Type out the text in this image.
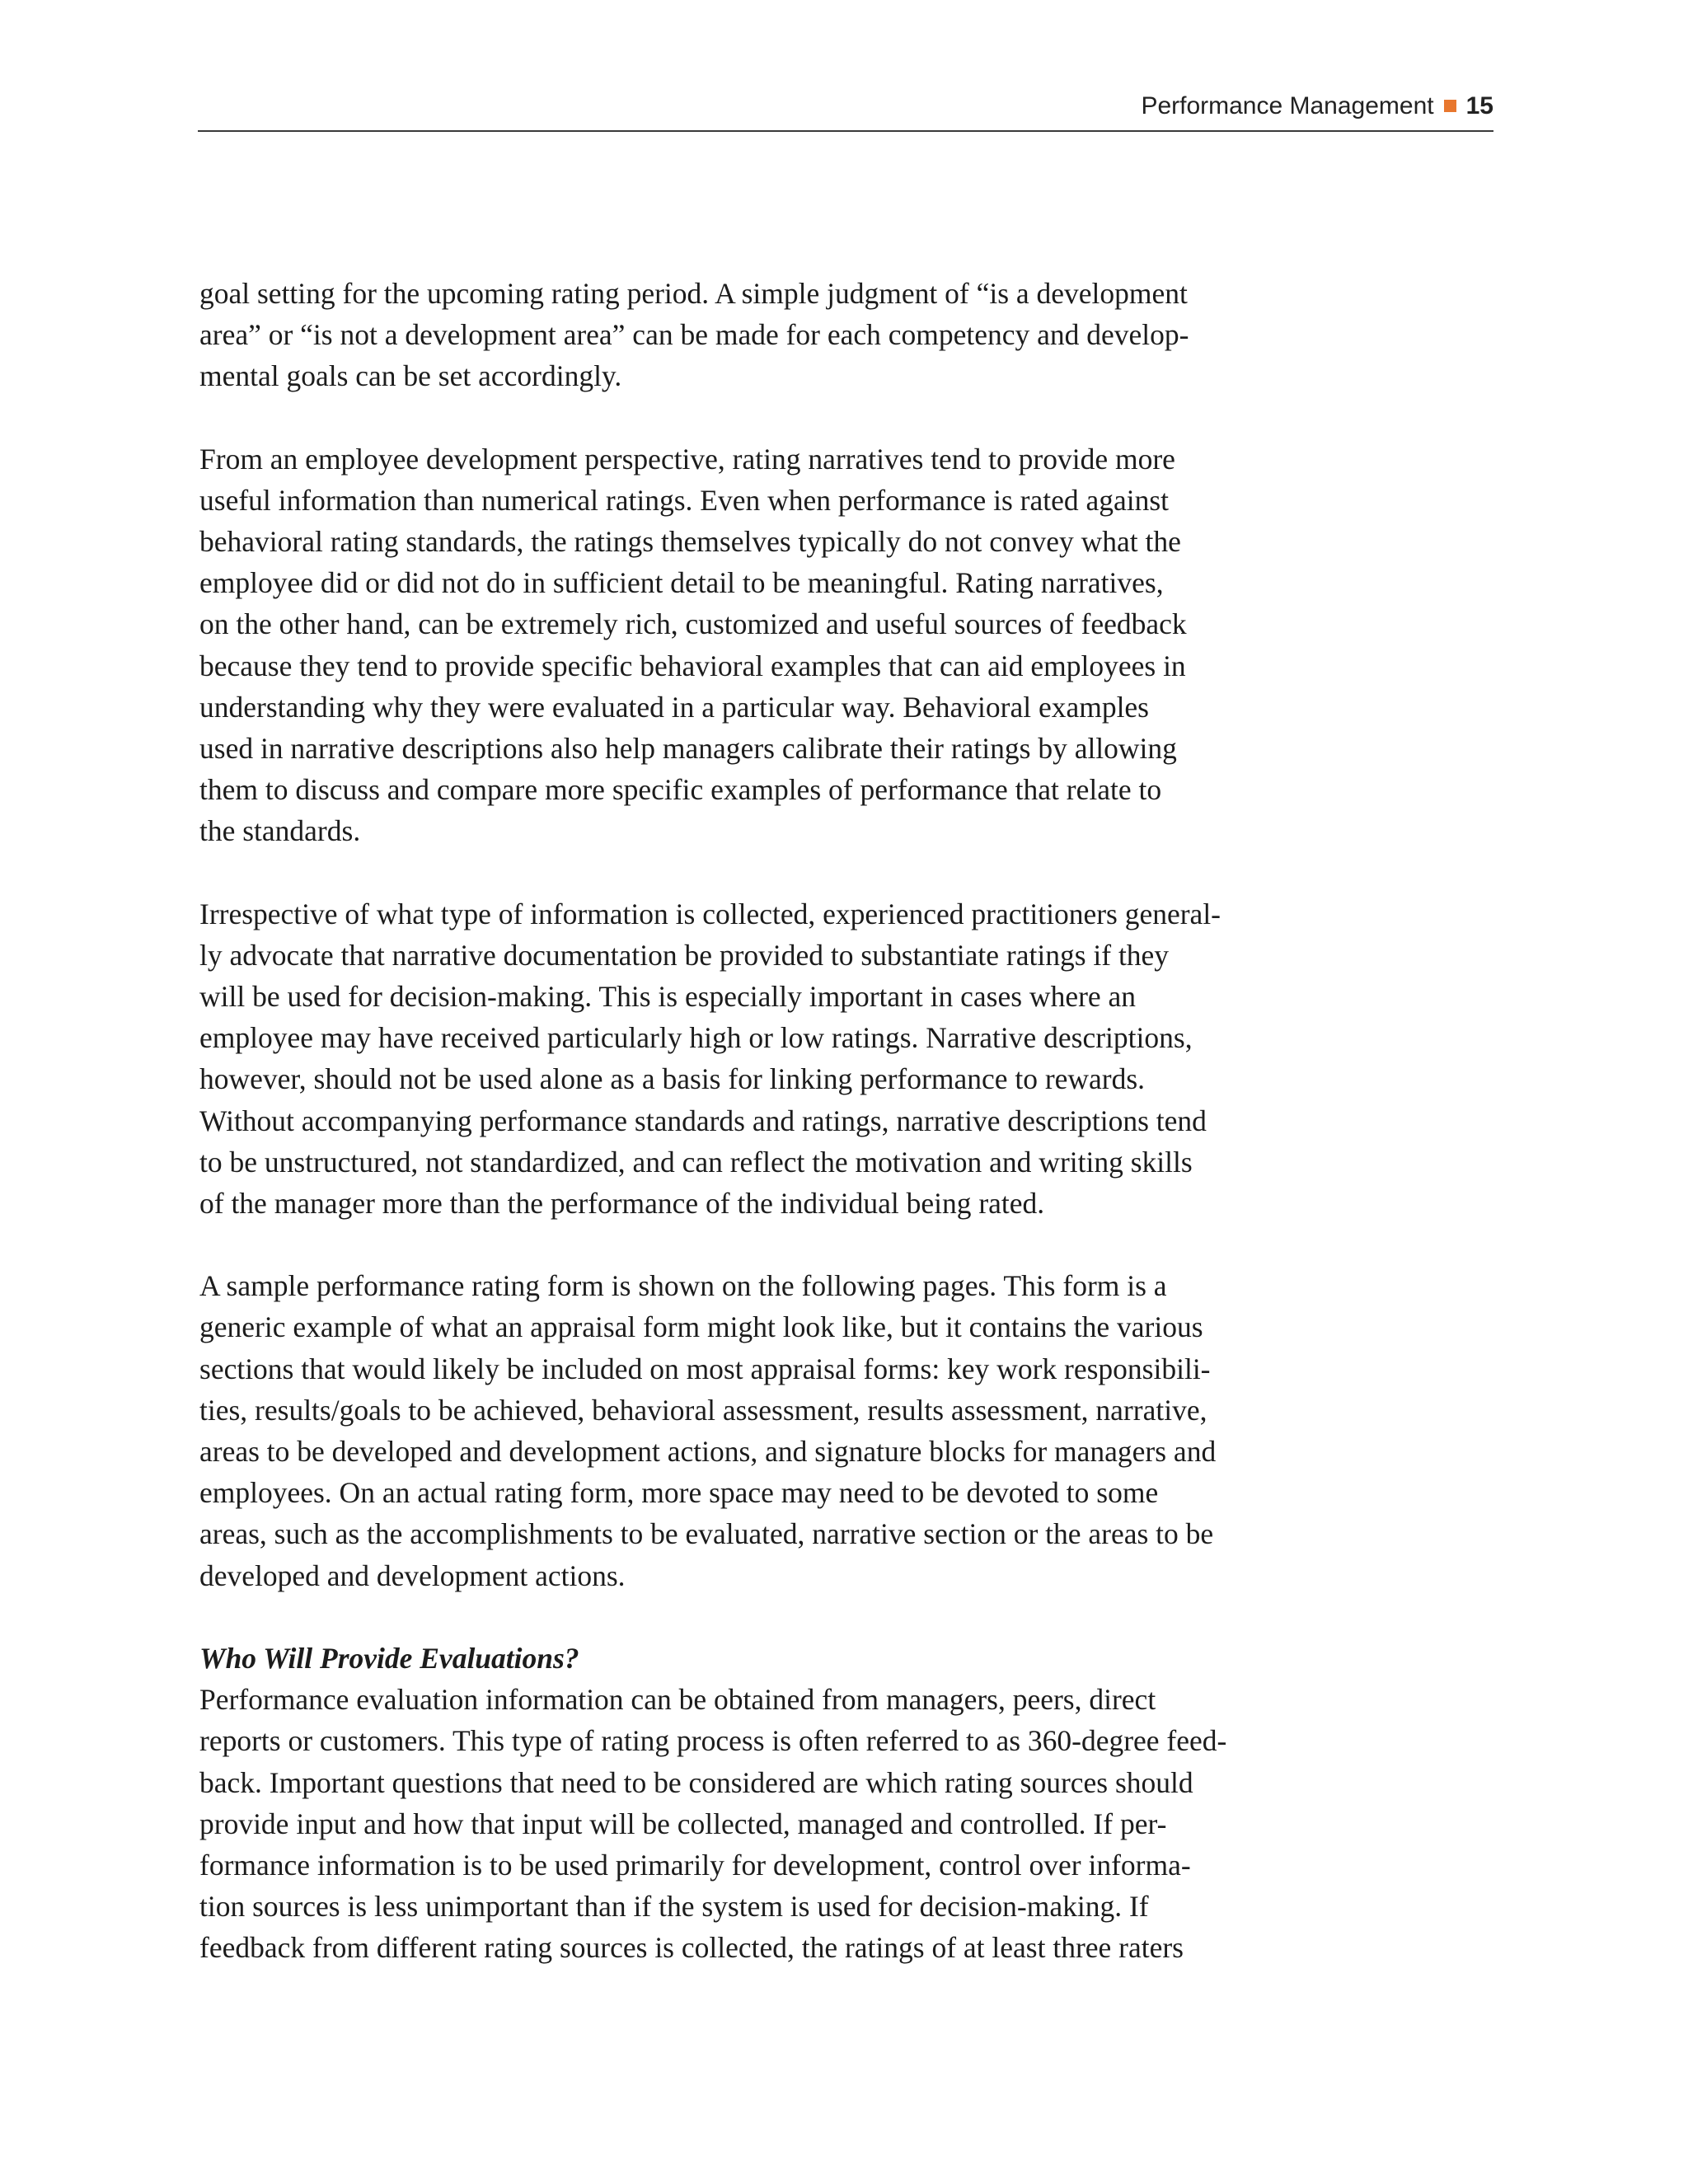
Performance Management 15

goal setting for the upcoming rating period. A simple judgment of “is a development
area” or “is not a development area” can be made for each competency and develop-
mental goals can be set accordingly.

From an employee development perspective, rating narratives tend to provide more
useful information than numerical ratings. Even when performance is rated against
behavioral rating standards, the ratings themselves typically do not convey what the
employee did or did not do in sufficient detail to be meaningful. Rating narratives,
on the other hand, can be extremely rich, customized and useful sources of feedback
because they tend to provide specific behavioral examples that can aid employees in
understanding why they were evaluated in a particular way. Behavioral examples
used in narrative descriptions also help managers calibrate their ratings by allowing
them to discuss and compare more specific examples of performance that relate to
the standards.

Irrespective of what type of information is collected, experienced practitioners general-
ly advocate that narrative documentation be provided to substantiate ratings if they
will be used for decision-making. This is especially important in cases where an
employee may have received particularly high or low ratings. Narrative descriptions,
however, should not be used alone as a basis for linking performance to rewards.
Without accompanying performance standards and ratings, narrative descriptions tend
to be unstructured, not standardized, and can reflect the motivation and writing skills
of the manager more than the performance of the individual being rated.

A sample performance rating form is shown on the following pages. This form is a
generic example of what an appraisal form might look like, but it contains the various
sections that would likely be included on most appraisal forms: key work responsibili-
ties, results/goals to be achieved, behavioral assessment, results assessment, narrative,
areas to be developed and development actions, and signature blocks for managers and
employees. On an actual rating form, more space may need to be devoted to some
areas, such as the accomplishments to be evaluated, narrative section or the areas to be
developed and development actions.

Who Will Provide Evaluations?
Performance evaluation information can be obtained from managers, peers, direct
reports or customers. This type of rating process is often referred to as 360-degree feed-
back. Important questions that need to be considered are which rating sources should
provide input and how that input will be collected, managed and controlled. If per-
formance information is to be used primarily for development, control over informa-
tion sources is less unimportant than if the system is used for decision-making. If
feedback from different rating sources is collected, the ratings of at least three raters
